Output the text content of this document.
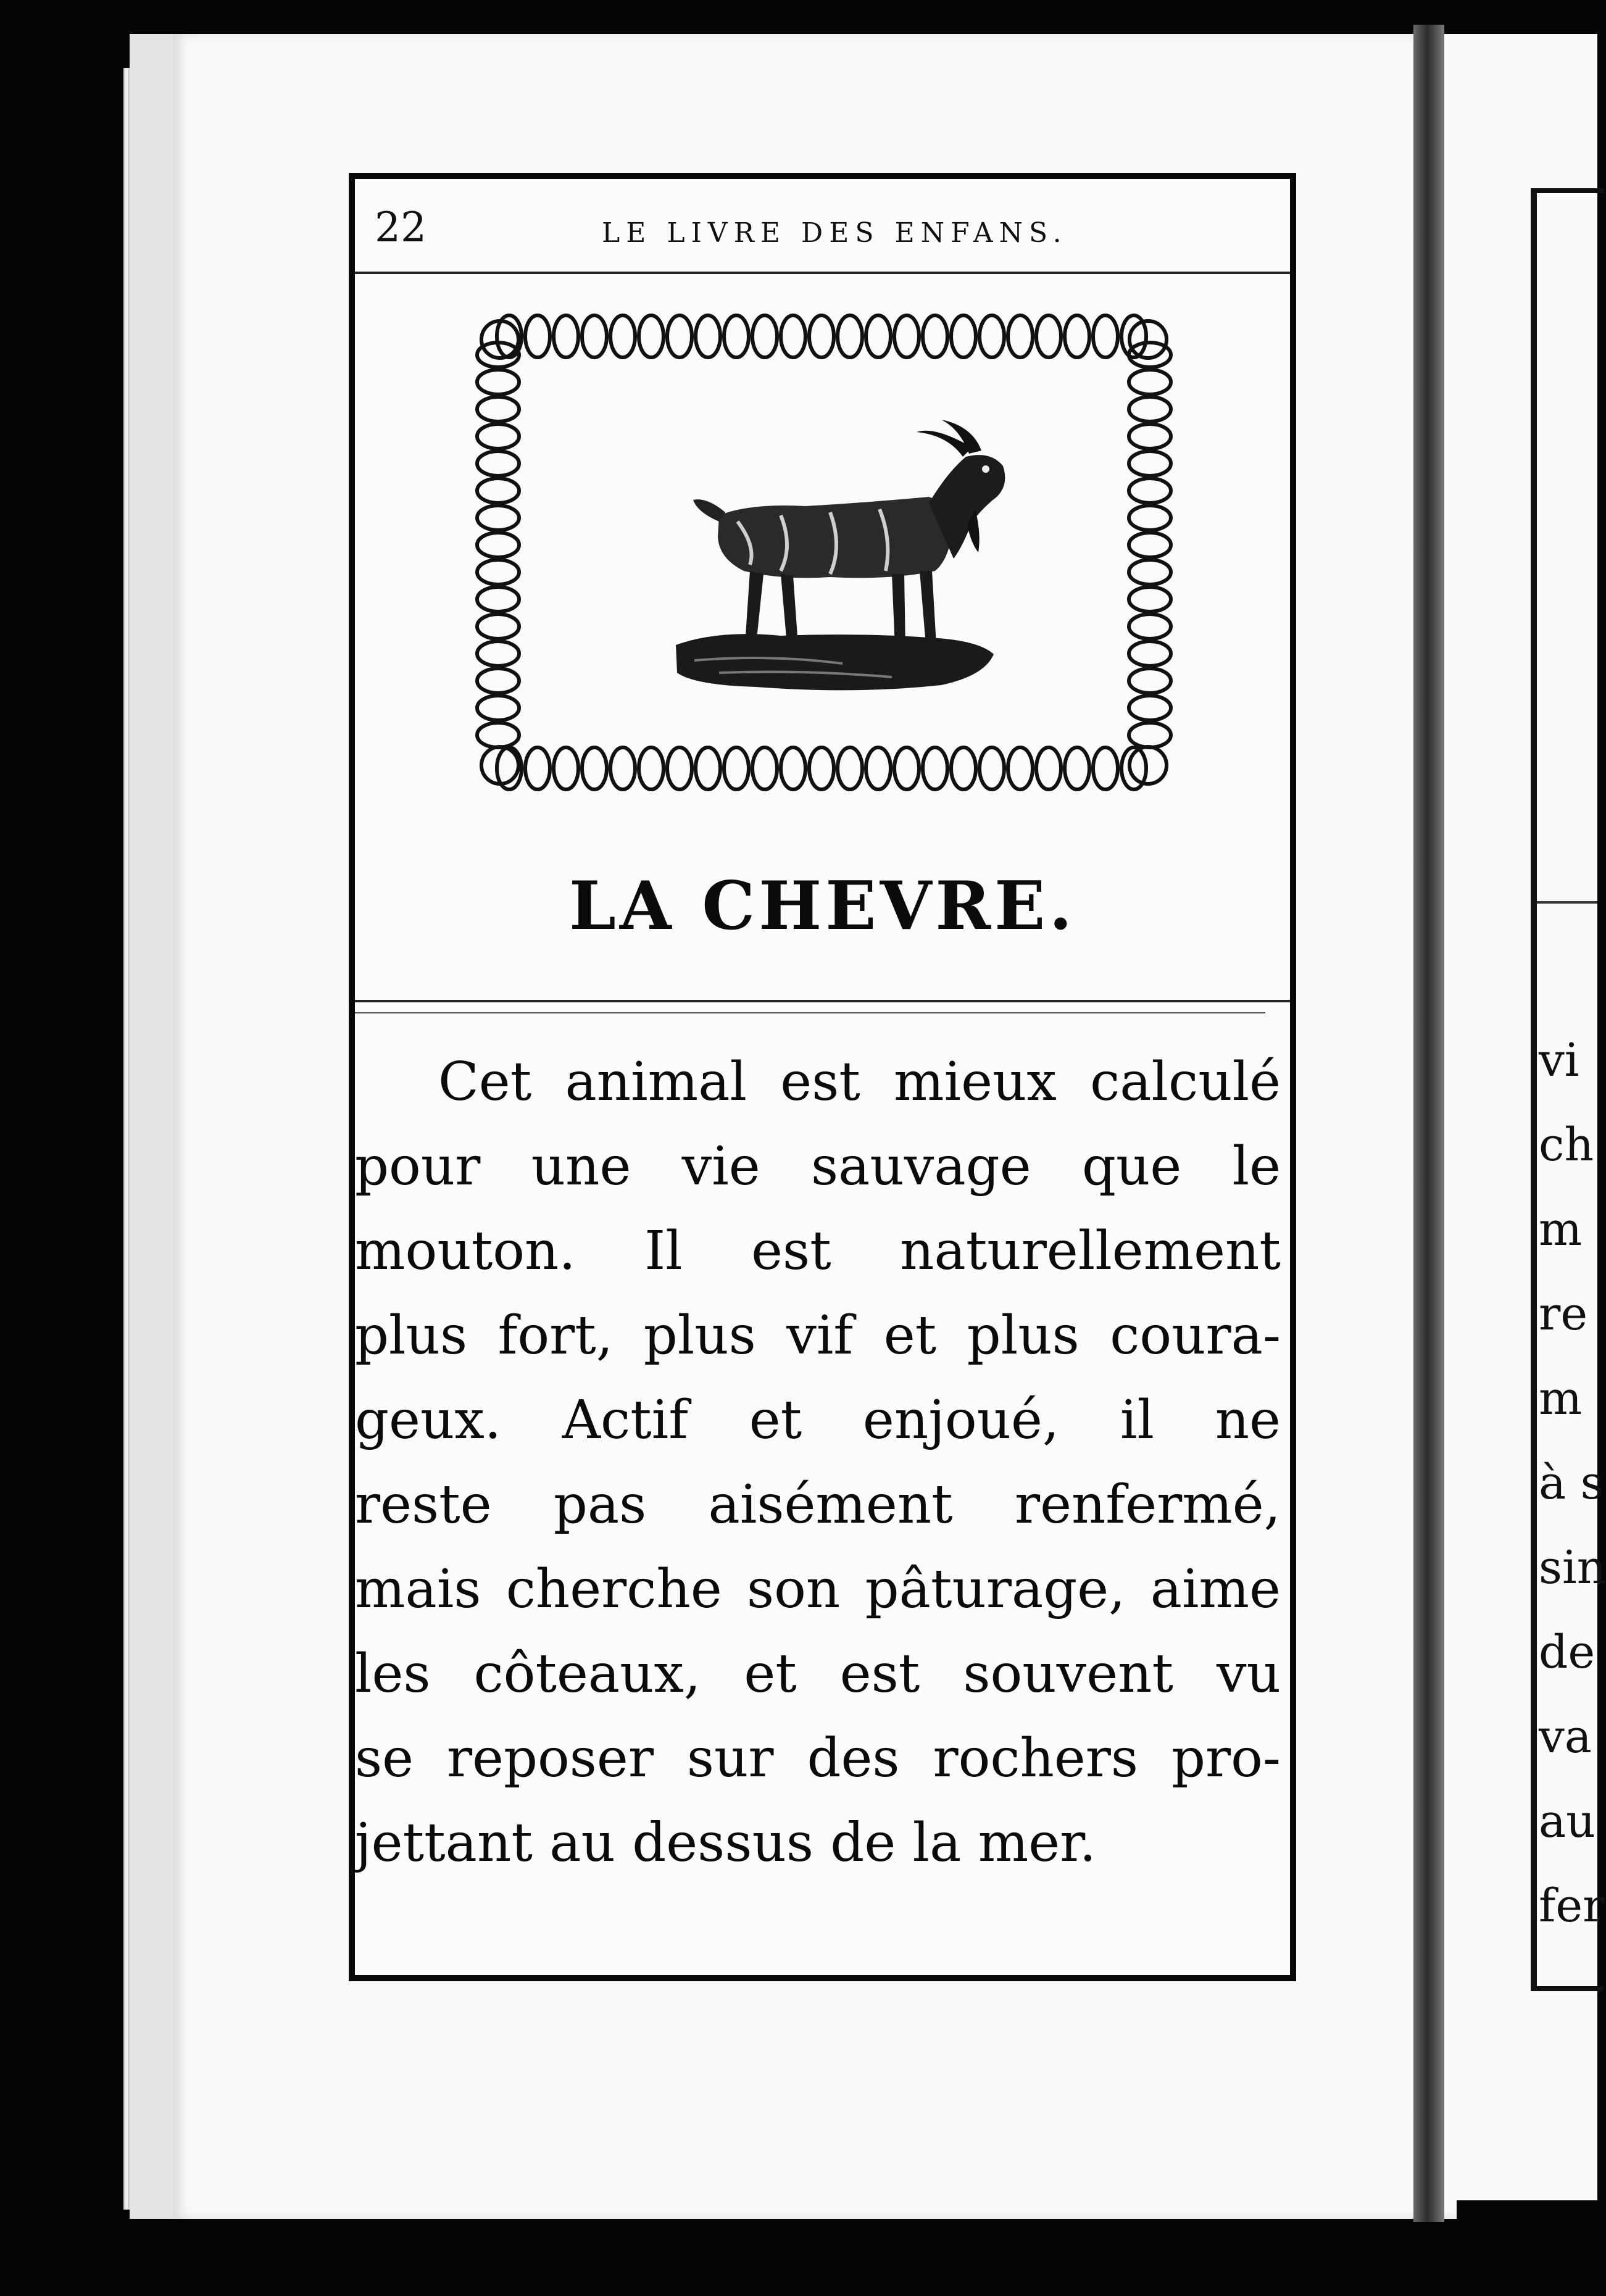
vi
ch
m
re
m
à s
sin
de
va
au
fer
22	LE LIVRE DES ENFANS.
LA CHEVRE.
Cet animal est mieux calculé
pour une vie sauvage que le
mouton. Il est naturellement
plus fort, plus vif et plus coura-
geux. Actif et enjoué, il ne
reste pas aisément renfermé,
mais cherche son pâturage, aime
les côteaux, et est souvent vu
se reposer sur des rochers pro-
jettant au dessus de la mer.
